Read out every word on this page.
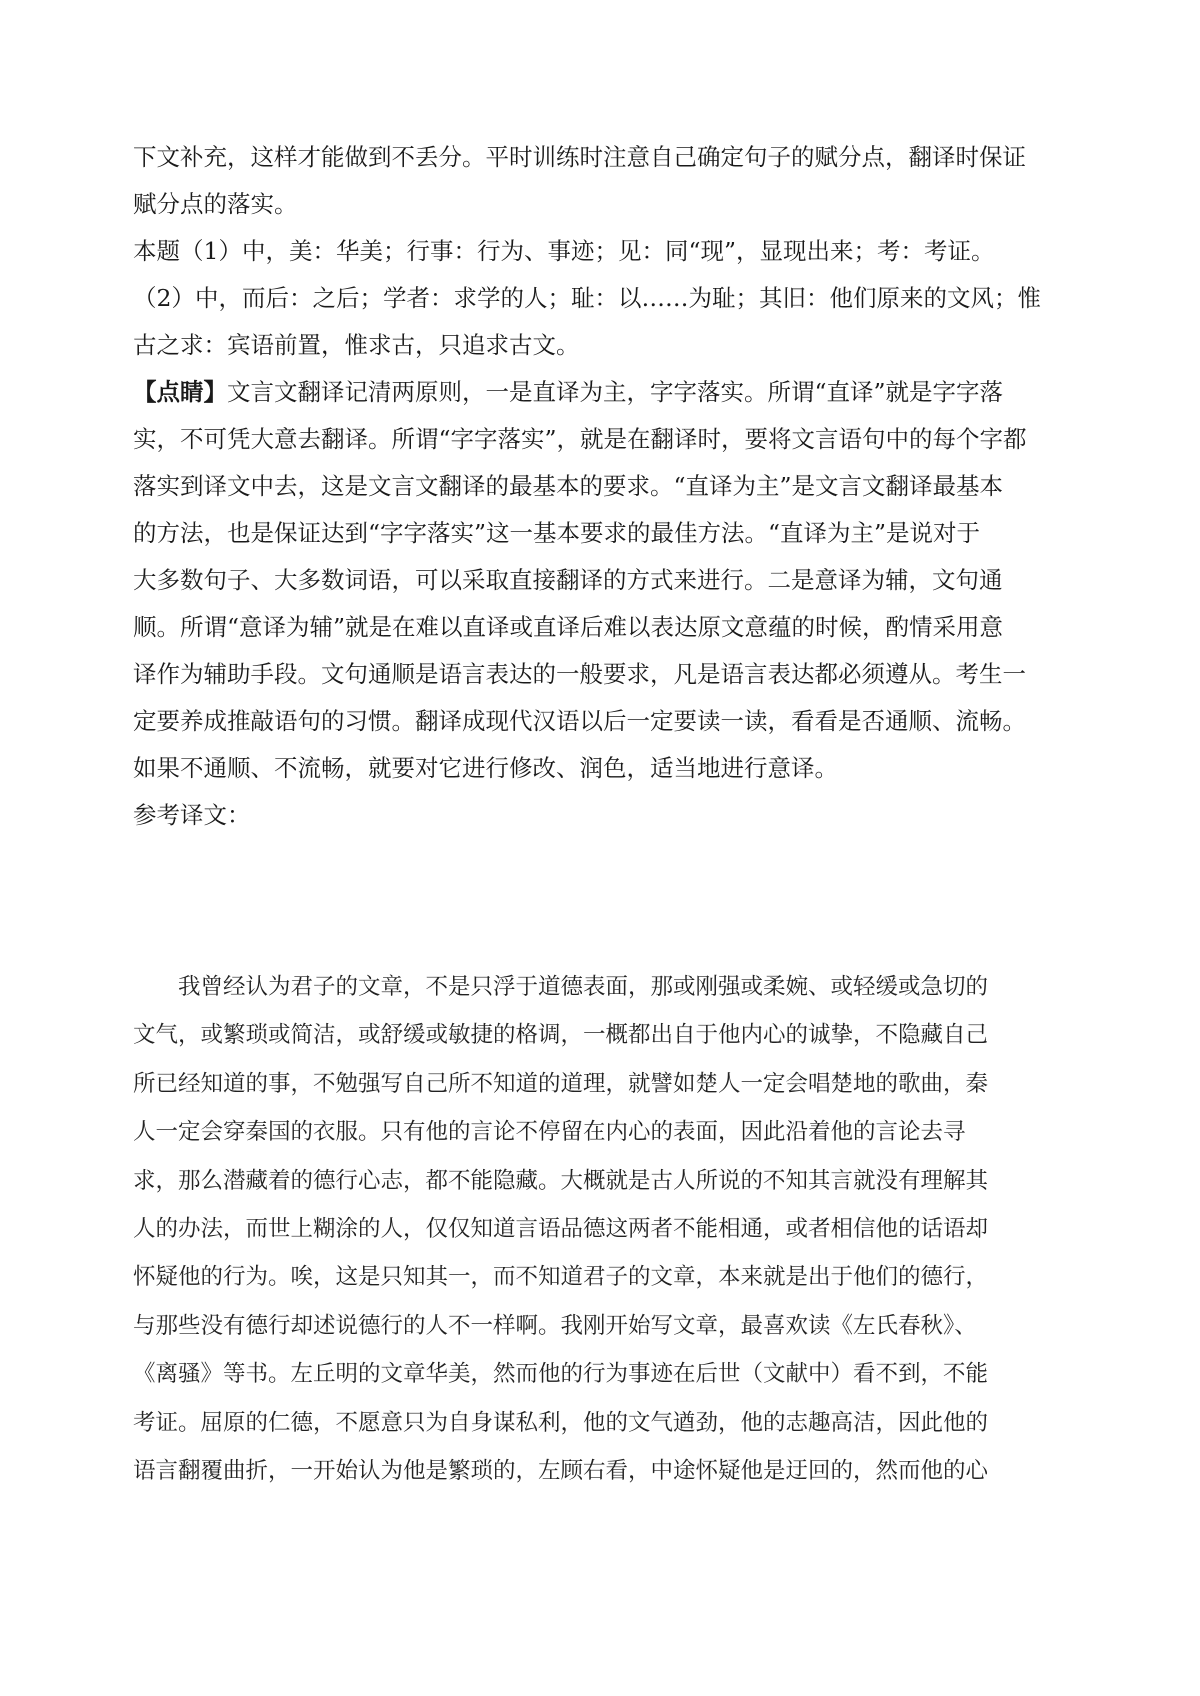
下文补充，这样才能做到不丢分。平时训练时注意自己确定句子的赋分点，翻译时保证
赋分点的落实。
本题（1）中，美：华美；行事：行为、事迹；见：同“现”，显现出来；考：考证。
（2）中，而后：之后；学者：求学的人；耻：以……为耻；其旧：他们原来的文风；惟
古之求：宾语前置，惟求古，只追求古文。
【点睛】文言文翻译记清两原则，一是直译为主，字字落实。所谓“直译”就是字字落
实，不可凭大意去翻译。所谓“字字落实”，就是在翻译时，要将文言语句中的每个字都
落实到译文中去，这是文言文翻译的最基本的要求。“直译为主”是文言文翻译最基本
的方法，也是保证达到“字字落实”这一基本要求的最佳方法。“直译为主”是说对于
大多数句子、大多数词语，可以采取直接翻译的方式来进行。二是意译为辅，文句通
顺。所谓“意译为辅”就是在难以直译或直译后难以表达原文意蕴的时候，酌情采用意
译作为辅助手段。文句通顺是语言表达的一般要求，凡是语言表达都必须遵从。考生一
定要养成推敲语句的习惯。翻译成现代汉语以后一定要读一读，看看是否通顺、流畅。
如果不通顺、不流畅，就要对它进行修改、润色，适当地进行意译。
参考译文：
　　我曾经认为君子的文章，不是只浮于道德表面，那或刚强或柔婉、或轻缓或急切的
文气，或繁琐或简洁，或舒缓或敏捷的格调，一概都出自于他内心的诚挚，不隐藏自己
所已经知道的事，不勉强写自己所不知道的道理，就譬如楚人一定会唱楚地的歌曲，秦
人一定会穿秦国的衣服。只有他的言论不停留在内心的表面，因此沿着他的言论去寻
求，那么潜藏着的德行心志，都不能隐藏。大概就是古人所说的不知其言就没有理解其
人的办法，而世上糊涂的人，仅仅知道言语品德这两者不能相通，或者相信他的话语却
怀疑他的行为。唉，这是只知其一，而不知道君子的文章，本来就是出于他们的德行，
与那些没有德行却述说德行的人不一样啊。我刚开始写文章，最喜欢读《左氏春秋》、
《离骚》等书。左丘明的文章华美，然而他的行为事迹在后世（文献中）看不到，不能
考证。屈原的仁德，不愿意只为自身谋私利，他的文气遒劲，他的志趣高洁，因此他的
语言翻覆曲折，一开始认为他是繁琐的，左顾右看，中途怀疑他是迂回的，然而他的心
